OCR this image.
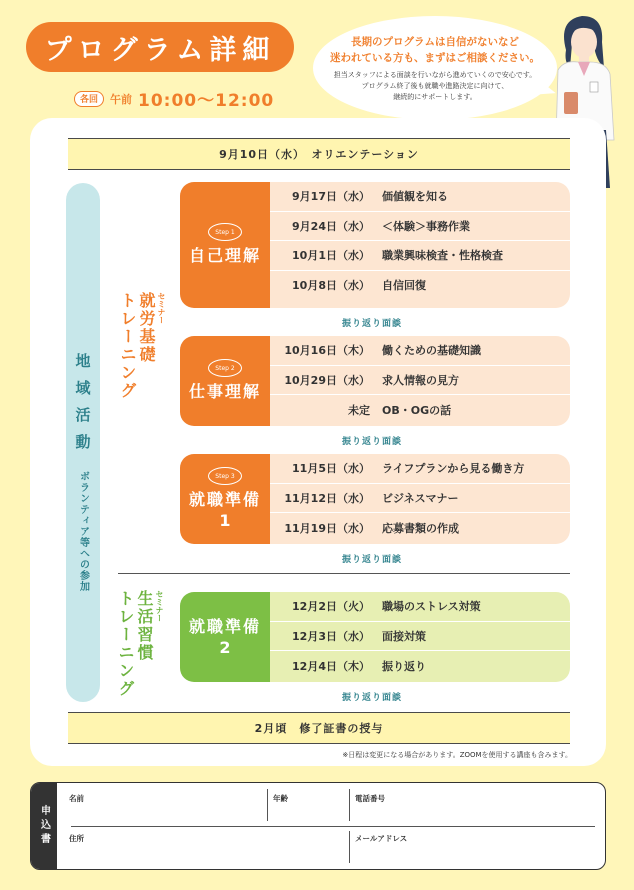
プログラム詳細
各回	午前 10:00〜12:00
長期のプログラムは自信がないなど
迷われている方も、まずはご相談ください。
担当スタッフによる面談を行いながら進めていくので安心です。
プログラム終了後も就職や進路決定に向けて、
継続的にサポートします。
9月10日（水）　オリエンテーション
地域活動
ボランティア等への参加
セミナー
就労基礎
トレーニング
セミナー
生活習慣
トレーニング
Step 1
自己理解
9月17日（水）	価値観を知る
9月24日（水）	＜体験＞事務作業
10月1日（水）	職業興味検査・性格検査
10月8日（水）	自信回復
振り返り面談
Step 2
仕事理解
10月16日（木）	働くための基礎知識
10月29日（水）	求人情報の見方
未定	OB・OGの話
振り返り面談
Step 3
就職準備
1
11月5日（水）	ライフプランから見る働き方
11月12日（水）	ビジネスマナー
11月19日（水）	応募書類の作成
振り返り面談
就職準備
2
12月2日（火）	職場のストレス対策
12月3日（水）	面接対策
12月4日（木）	振り返り
振り返り面談
2月頃　修了証書の授与
※日程は変更になる場合があります。ZOOMを使用する講座も含みます。
申込書
名前	年齢	電話番号
住所	メールアドレス
